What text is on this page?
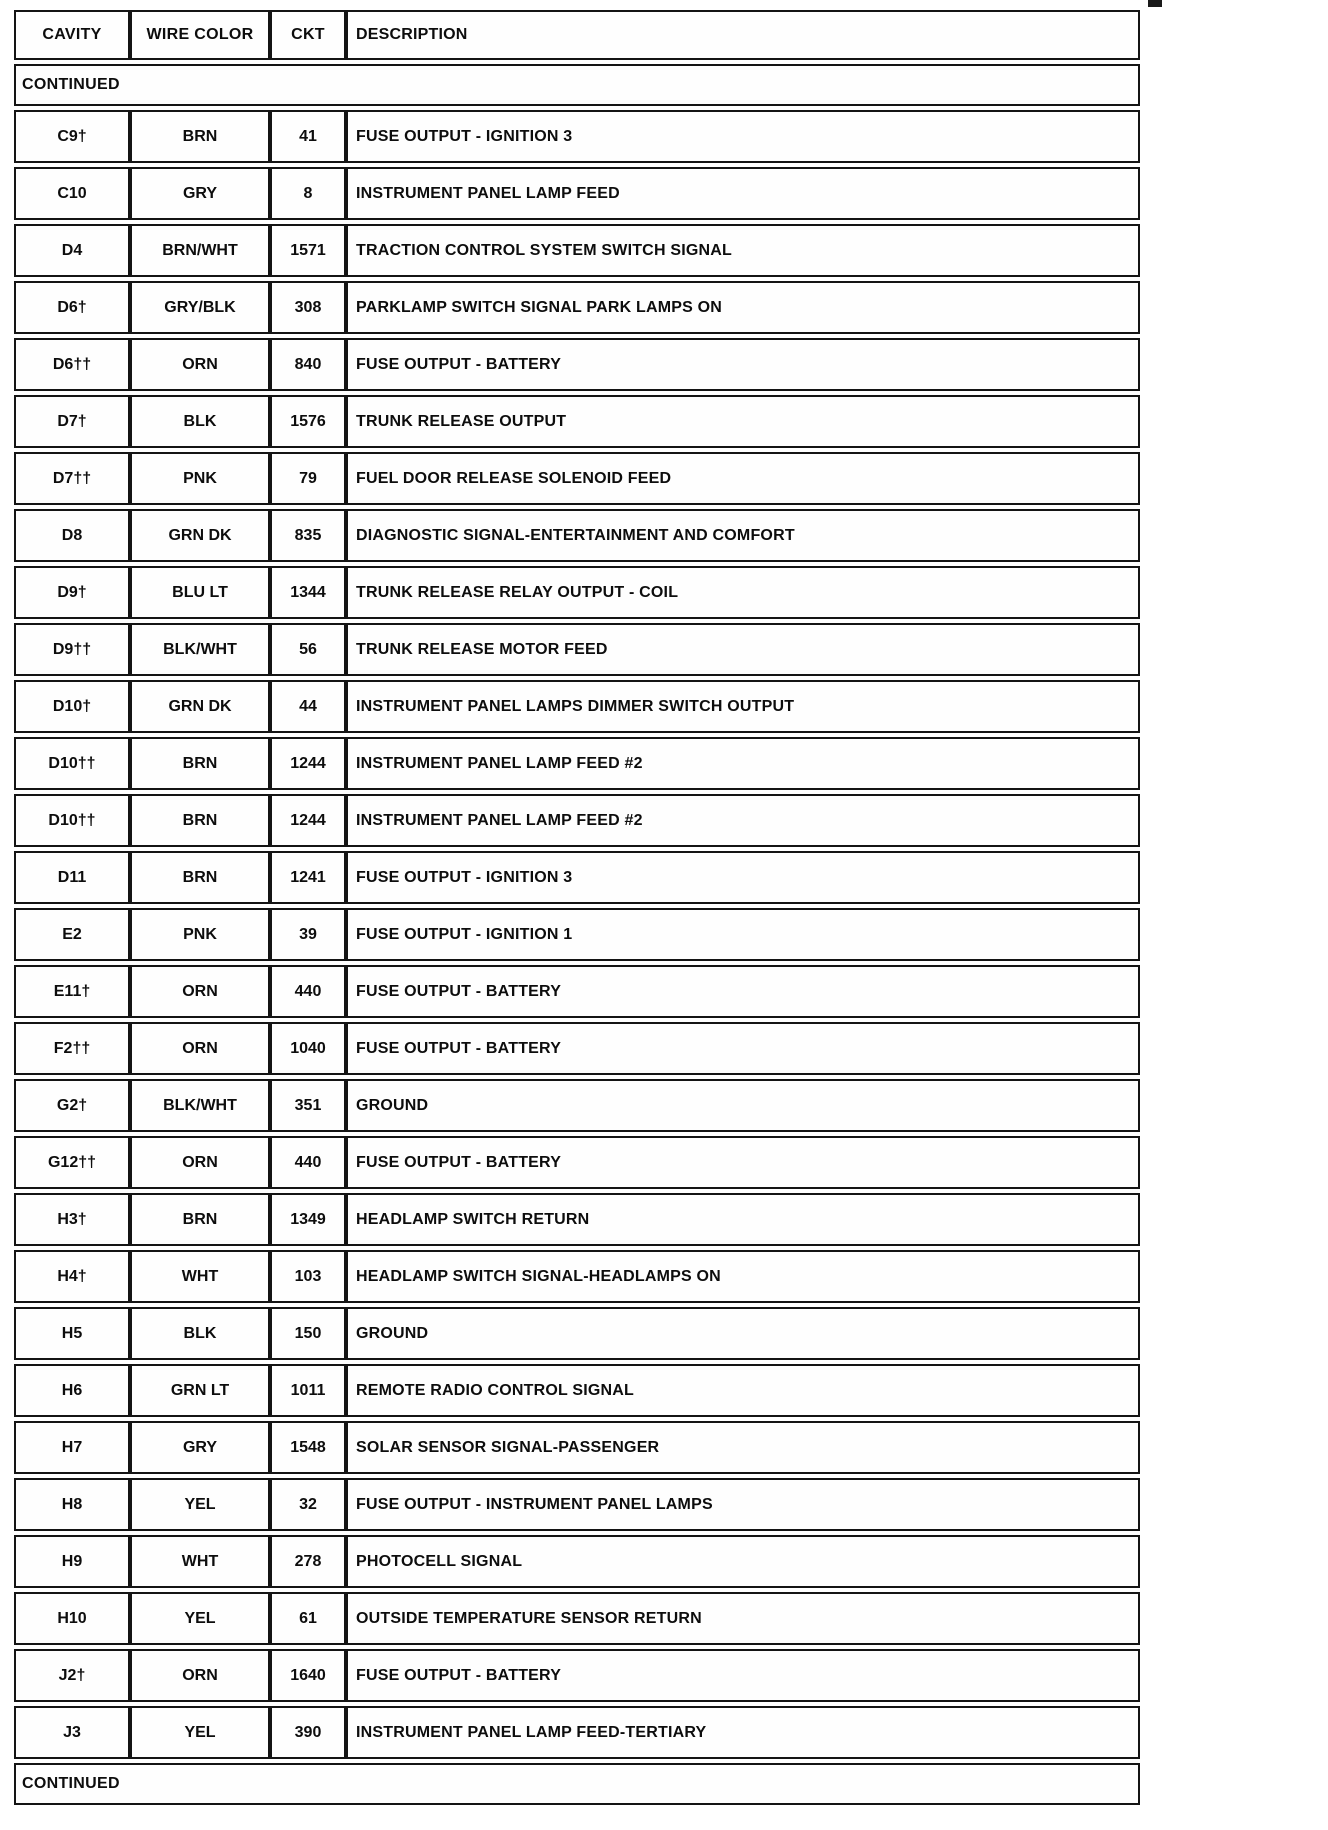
CAVITY	WIRE COLOR	CKT	DESCRIPTION
CONTINUED			
C9†	BRN	41	FUSE OUTPUT - IGNITION 3
C10	GRY	8	INSTRUMENT PANEL LAMP FEED
D4	BRN/WHT	1571	TRACTION CONTROL SYSTEM SWITCH SIGNAL
D6†	GRY/BLK	308	PARKLAMP SWITCH SIGNAL PARK LAMPS ON
D6††	ORN	840	FUSE OUTPUT - BATTERY
D7†	BLK	1576	TRUNK RELEASE OUTPUT
D7††	PNK	79	FUEL DOOR RELEASE SOLENOID FEED
D8	GRN DK	835	DIAGNOSTIC SIGNAL-ENTERTAINMENT AND COMFORT
D9†	BLU LT	1344	TRUNK RELEASE RELAY OUTPUT - COIL
D9††	BLK/WHT	56	TRUNK RELEASE MOTOR FEED
D10†	GRN DK	44	INSTRUMENT PANEL LAMPS DIMMER SWITCH OUTPUT
D10††	BRN	1244	INSTRUMENT PANEL LAMP FEED #2
D10††	BRN	1244	INSTRUMENT PANEL LAMP FEED #2
D11	BRN	1241	FUSE OUTPUT - IGNITION 3
E2	PNK	39	FUSE OUTPUT - IGNITION 1
E11†	ORN	440	FUSE OUTPUT - BATTERY
F2††	ORN	1040	FUSE OUTPUT - BATTERY
G2†	BLK/WHT	351	GROUND
G12††	ORN	440	FUSE OUTPUT - BATTERY
H3†	BRN	1349	HEADLAMP SWITCH RETURN
H4†	WHT	103	HEADLAMP SWITCH SIGNAL-HEADLAMPS ON
H5	BLK	150	GROUND
H6	GRN LT	1011	REMOTE RADIO CONTROL SIGNAL
H7	GRY	1548	SOLAR SENSOR SIGNAL-PASSENGER
H8	YEL	32	FUSE OUTPUT - INSTRUMENT PANEL LAMPS
H9	WHT	278	PHOTOCELL SIGNAL
H10	YEL	61	OUTSIDE TEMPERATURE SENSOR RETURN
J2†	ORN	1640	FUSE OUTPUT - BATTERY
J3	YEL	390	INSTRUMENT PANEL LAMP FEED-TERTIARY
CONTINUED			
